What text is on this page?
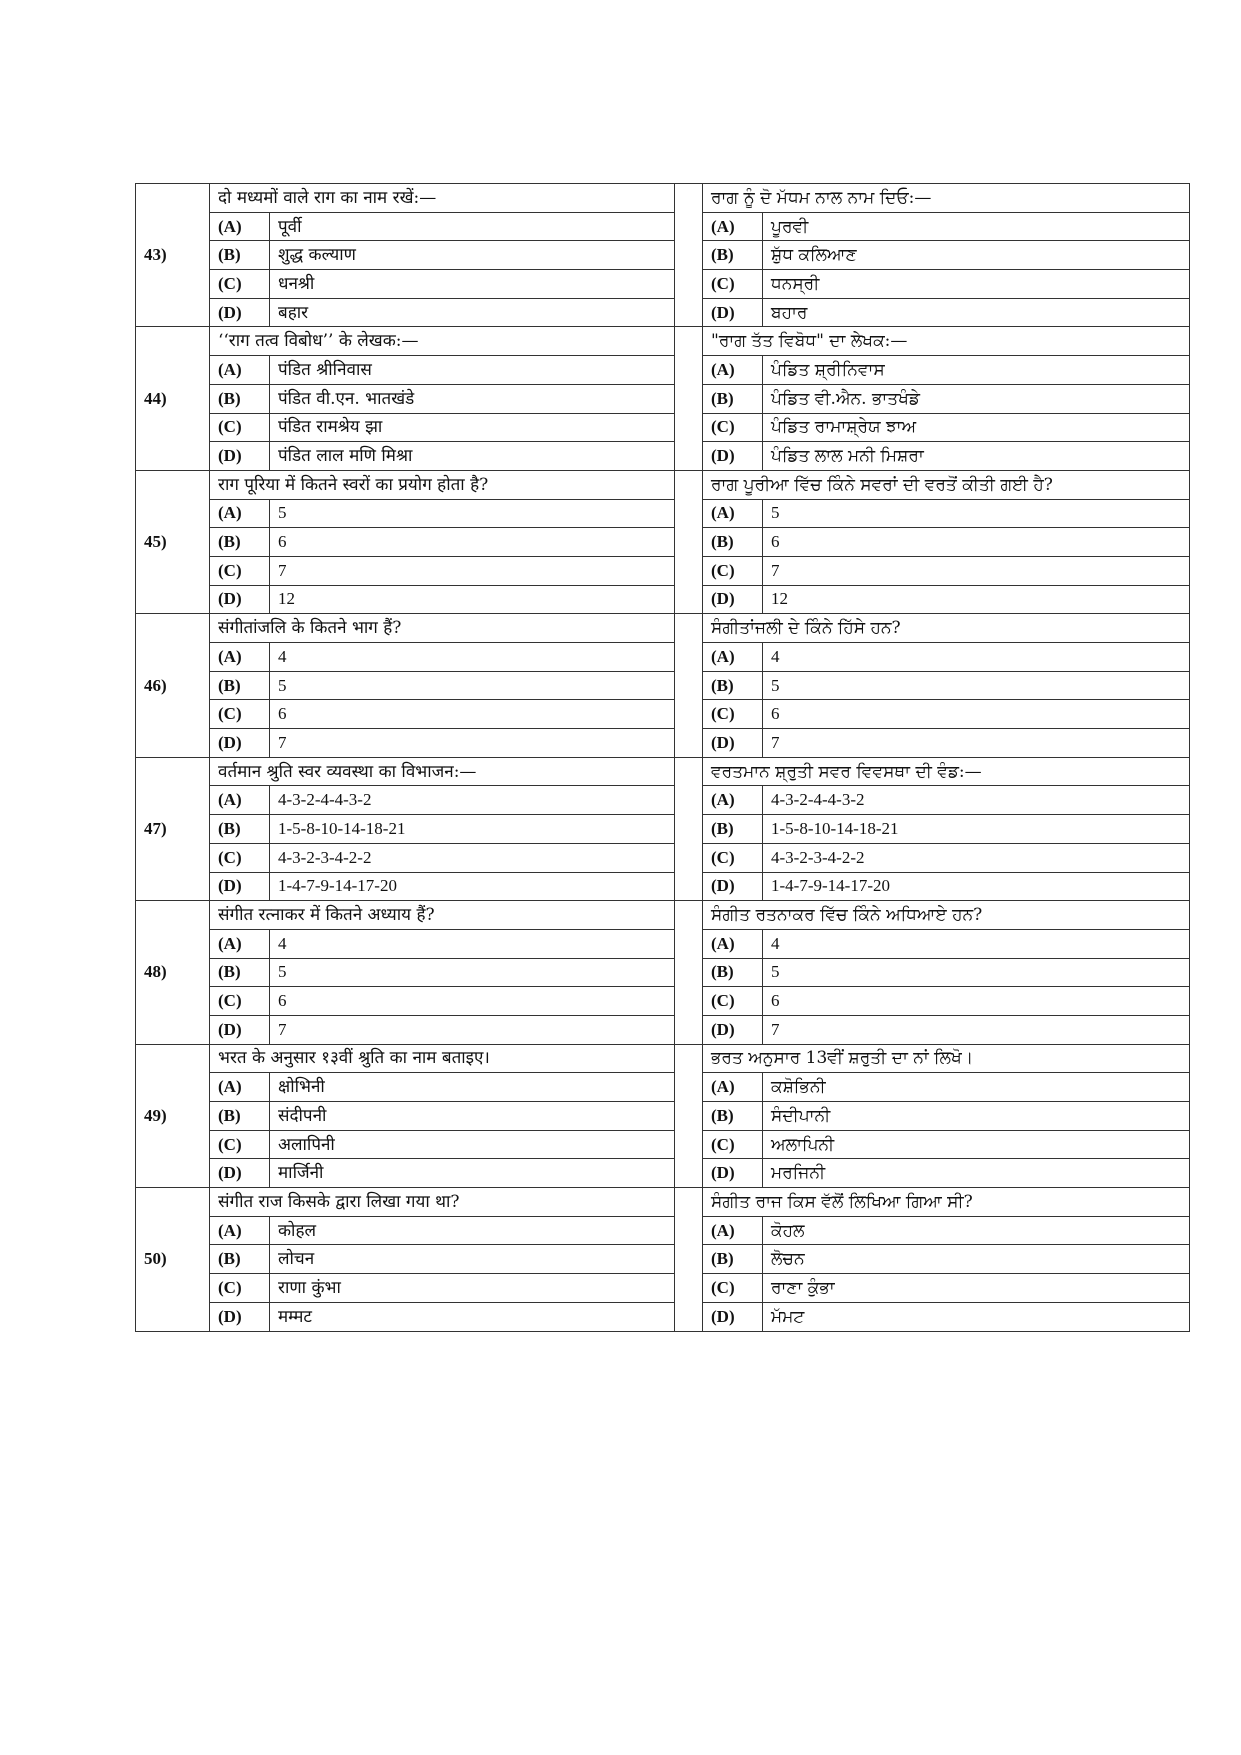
43)	दो मध्यमों वाले राग का नाम रखें:—			ਰਾਗ ਨੂੰ ਦੋ ਮੱਧਮ ਨਾਲ ਨਾਮ ਦਿਓ:—	
	(A)	पूर्वी		(A)	ਪੂਰਵੀ
	(B)	शुद्ध कल्याण		(B)	ਸ਼ੁੱਧ ਕਲਿਆਣ
	(C)	धनश्री		(C)	ਧਨਸ੍ਰੀ
	(D)	बहार		(D)	ਬਹਾਰ
44)	‘‘राग तत्व विबोध’’ के लेखक:—			"ਰਾਗ ਤੱਤ ਵਿਬੋਧ" ਦਾ ਲੇਖਕ:—	
	(A)	पंडित श्रीनिवास		(A)	ਪੰਡਿਤ ਸ਼੍ਰੀਨਿਵਾਸ
	(B)	पंडित वी.एन. भातखंडे		(B)	ਪੰਡਿਤ ਵੀ.ਐਨ. ਭਾਤਖੰਡੇ
	(C)	पंडित रामश्रेय झा		(C)	ਪੰਡਿਤ ਰਾਮਾਸ਼੍ਰੇਯ ਝਾਅ
	(D)	पंडित लाल मणि मिश्रा		(D)	ਪੰਡਿਤ ਲਾਲ ਮਨੀ ਮਿਸ਼ਰਾ
45)	राग पूरिया में कितने स्वरों का प्रयोग होता है?			ਰਾਗ ਪੂਰੀਆ ਵਿੱਚ ਕਿੰਨੇ ਸਵਰਾਂ ਦੀ ਵਰਤੋਂ ਕੀਤੀ ਗਈ ਹੈ?	
	(A)	5		(A)	5
	(B)	6		(B)	6
	(C)	7		(C)	7
	(D)	12		(D)	12
46)	संगीतांजलि के कितने भाग हैं?			ਸੰਗੀਤਾਂਜਲੀ ਦੇ ਕਿੰਨੇ ਹਿੱਸੇ ਹਨ?	
	(A)	4		(A)	4
	(B)	5		(B)	5
	(C)	6		(C)	6
	(D)	7		(D)	7
47)	वर्तमान श्रुति स्वर व्यवस्था का विभाजन:—			ਵਰਤਮਾਨ ਸ਼੍ਰੁਤੀ ਸਵਰ ਵਿਵਸਥਾ ਦੀ ਵੰਡ:—	
	(A)	4-3-2-4-4-3-2		(A)	4-3-2-4-4-3-2
	(B)	1-5-8-10-14-18-21		(B)	1-5-8-10-14-18-21
	(C)	4-3-2-3-4-2-2		(C)	4-3-2-3-4-2-2
	(D)	1-4-7-9-14-17-20		(D)	1-4-7-9-14-17-20
48)	संगीत रत्नाकर में कितने अध्याय हैं?			ਸੰਗੀਤ ਰਤਨਾਕਰ ਵਿੱਚ ਕਿੰਨੇ ਅਧਿਆਏ ਹਨ?	
	(A)	4		(A)	4
	(B)	5		(B)	5
	(C)	6		(C)	6
	(D)	7		(D)	7
49)	भरत के अनुसार १३वीं श्रुति का नाम बताइए।			ਭਰਤ ਅਨੁਸਾਰ 13ਵੀਂ ਸ਼ਰੁਤੀ ਦਾ ਨਾਂ ਲਿਖੋ।	
	(A)	क्षोभिनी		(A)	ਕਸ਼ੋਭਿਨੀ
	(B)	संदीपनी		(B)	ਸੰਦੀਪਾਨੀ
	(C)	अलापिनी		(C)	ਅਲਾਪਿਨੀ
	(D)	मार्जिनी		(D)	ਮਰਜਿਨੀ
50)	संगीत राज किसके द्वारा लिखा गया था?			ਸੰਗੀਤ ਰਾਜ ਕਿਸ ਵੱਲੋਂ ਲਿਖਿਆ ਗਿਆ ਸੀ?	
	(A)	कोहल		(A)	ਕੋਹਲ
	(B)	लोचन		(B)	ਲੋਚਨ
	(C)	राणा कुंभा		(C)	ਰਾਣਾ ਕੁੰਭਾ
	(D)	मम्मट		(D)	ਮੱਮਟ
